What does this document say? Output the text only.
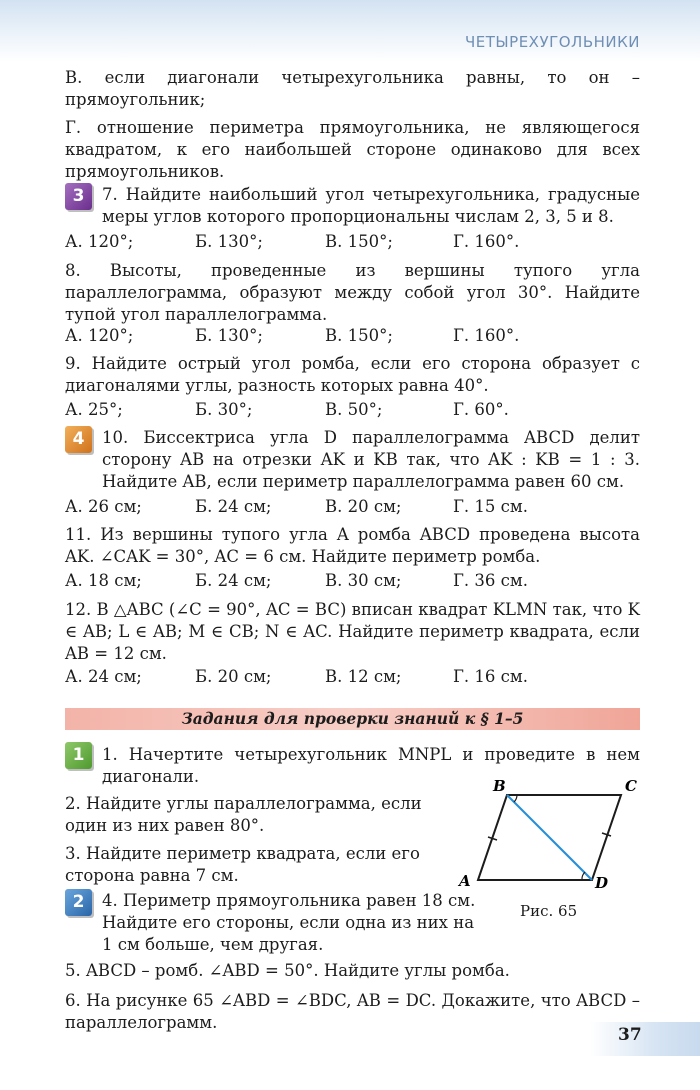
ЧЕТЫРЕХУГОЛЬНИКИ
В. если диагонали четырехугольника равны, то он – прямоугольник;
Г. отношение периметра прямоугольника, не являющегося квадратом, к его наибольшей стороне одинаково для всех прямоугольников.
3	7. Найдите наибольший угол четырехугольника, градусные меры углов которого пропорциональны числам 2, 3, 5 и 8.
А. 120°;	Б. 130°;	В. 150°;	Г. 160°.
8. Высоты, проведенные из вершины тупого угла параллелограмма, образуют между собой угол 30°. Найдите тупой угол параллелограмма.
А. 120°;	Б. 130°;	В. 150°;	Г. 160°.
9. Найдите острый угол ромба, если его сторона образует с диагоналями углы, разность которых равна 40°.
А. 25°;	Б. 30°;	В. 50°;	Г. 60°.
4	10. Биссектриса угла D параллелограмма ABCD делит сторону AB на отрезки AK и KB так, что AK : KB = 1 : 3. Найдите AB, если периметр параллелограмма равен 60 см.
А. 26 см;	Б. 24 см;	В. 20 см;	Г. 15 см.
11. Из вершины тупого угла A ромба ABCD проведена высота AK. ∠CAK = 30°, AC = 6 см. Найдите периметр ромба.
А. 18 см;	Б. 24 см;	В. 30 см;	Г. 36 см.
12. В △ABC (∠C = 90°, AC = BC) вписан квадрат KLMN так, что K ∈ AB; L ∈ AB; M ∈ CB; N ∈ AC. Найдите периметр квадрата, если AB = 12 см.
А. 24 см;	Б. 20 см;	В. 12 см;	Г. 16 см.
Задания для проверки знаний к § 1–5
1	1. Начертите четырехугольник MNPL и проведите в нем диагонали.
2. Найдите углы параллелограмма, если один из них равен 80°.
3. Найдите периметр квадрата, если его сторона равна 7 см.
2	4. Периметр прямоугольника равен 18 см. Найдите его стороны, если одна из них на 1 см больше, чем другая.
5. ABCD – ромб. ∠ABD = 50°. Найдите углы ромба.
6. На рисунке 65 ∠ABD = ∠BDC, AB = DC. Докажите, что ABCD – параллелограмм.
A
B	C
D
Рис. 65
37
